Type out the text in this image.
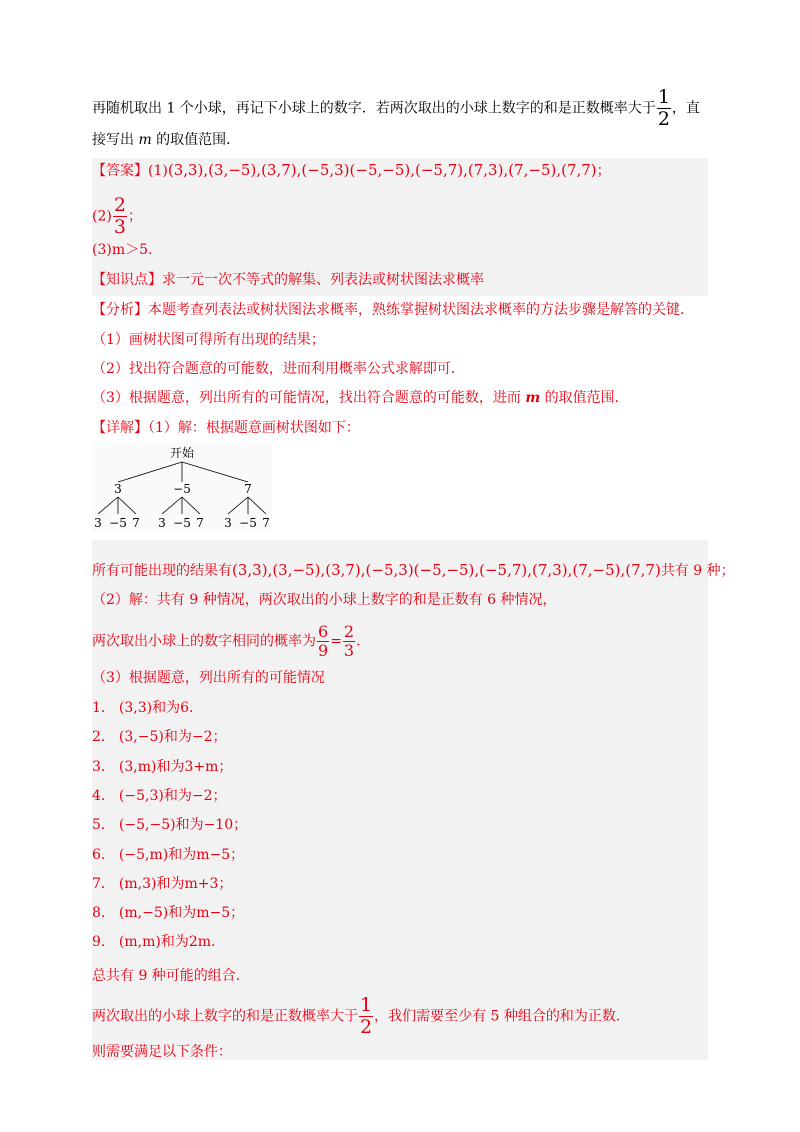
再随机取出 1 个小球，再记下小球上的数字．若两次取出的小球上数字的和是正数概率大于 $\frac{1}{2}$ ，直
接写出 m 的取值范围．
【答案】(1)(3,3),(3,−5),(3,7),(−5,3)(−5,−5),(−5,7),(7,3),(7,−5),(7,7)；
$(2) \frac{2}{3}$ ；
(3)m＞5．
【知识点】求一元一次不等式的解集、列表法或树状图法求概率
【分析】本题考查列表法或树状图法求概率，熟练掌握树状图法求概率的方法步骤是解答的关键．
（1）画树状图可得所有出现的结果；
（2）找出符合题意的可能数，进而利用概率公式求解即可．
（3）根据题意，列出所有的可能情况，找出符合题意的可能数，进而 m 的取值范围．
【详解】（1）解：根据题意画树状图如下：
开始
3	−5	7
3 −5 7 3 −5 7 3 −5 7
所有可能出现的结果有(3,3),(3,−5),(3,7),(−5,3)(−5,−5),(−5,7),(7,3),(7,−5),(7,7)共有 9 种；
（2）解：共有 9 种情况，两次取出的小球上数字的和是正数有 6 种情况，
两次取出小球上的数字相同的概率为 $\frac{6}{9} = \frac{2}{3}$ .
（3）根据题意，列出所有的可能情况
1． (3,3)和为6．
2． (3,−5)和为−2；
3． (3,m)和为3+m；
4． (−5,3)和为−2；
5． (−5,−5)和为−10；
6． (−5,m)和为m−5；
7． (m,3)和为m+3；
8． (m,−5)和为m−5；
9． (m,m)和为2m.
总共有 9 种可能的组合．
两次取出的小球上数字的和是正数概率大于 $\frac{1}{2}$ ，我们需要至少有 5 种组合的和为正数．
则需要满足以下条件：
